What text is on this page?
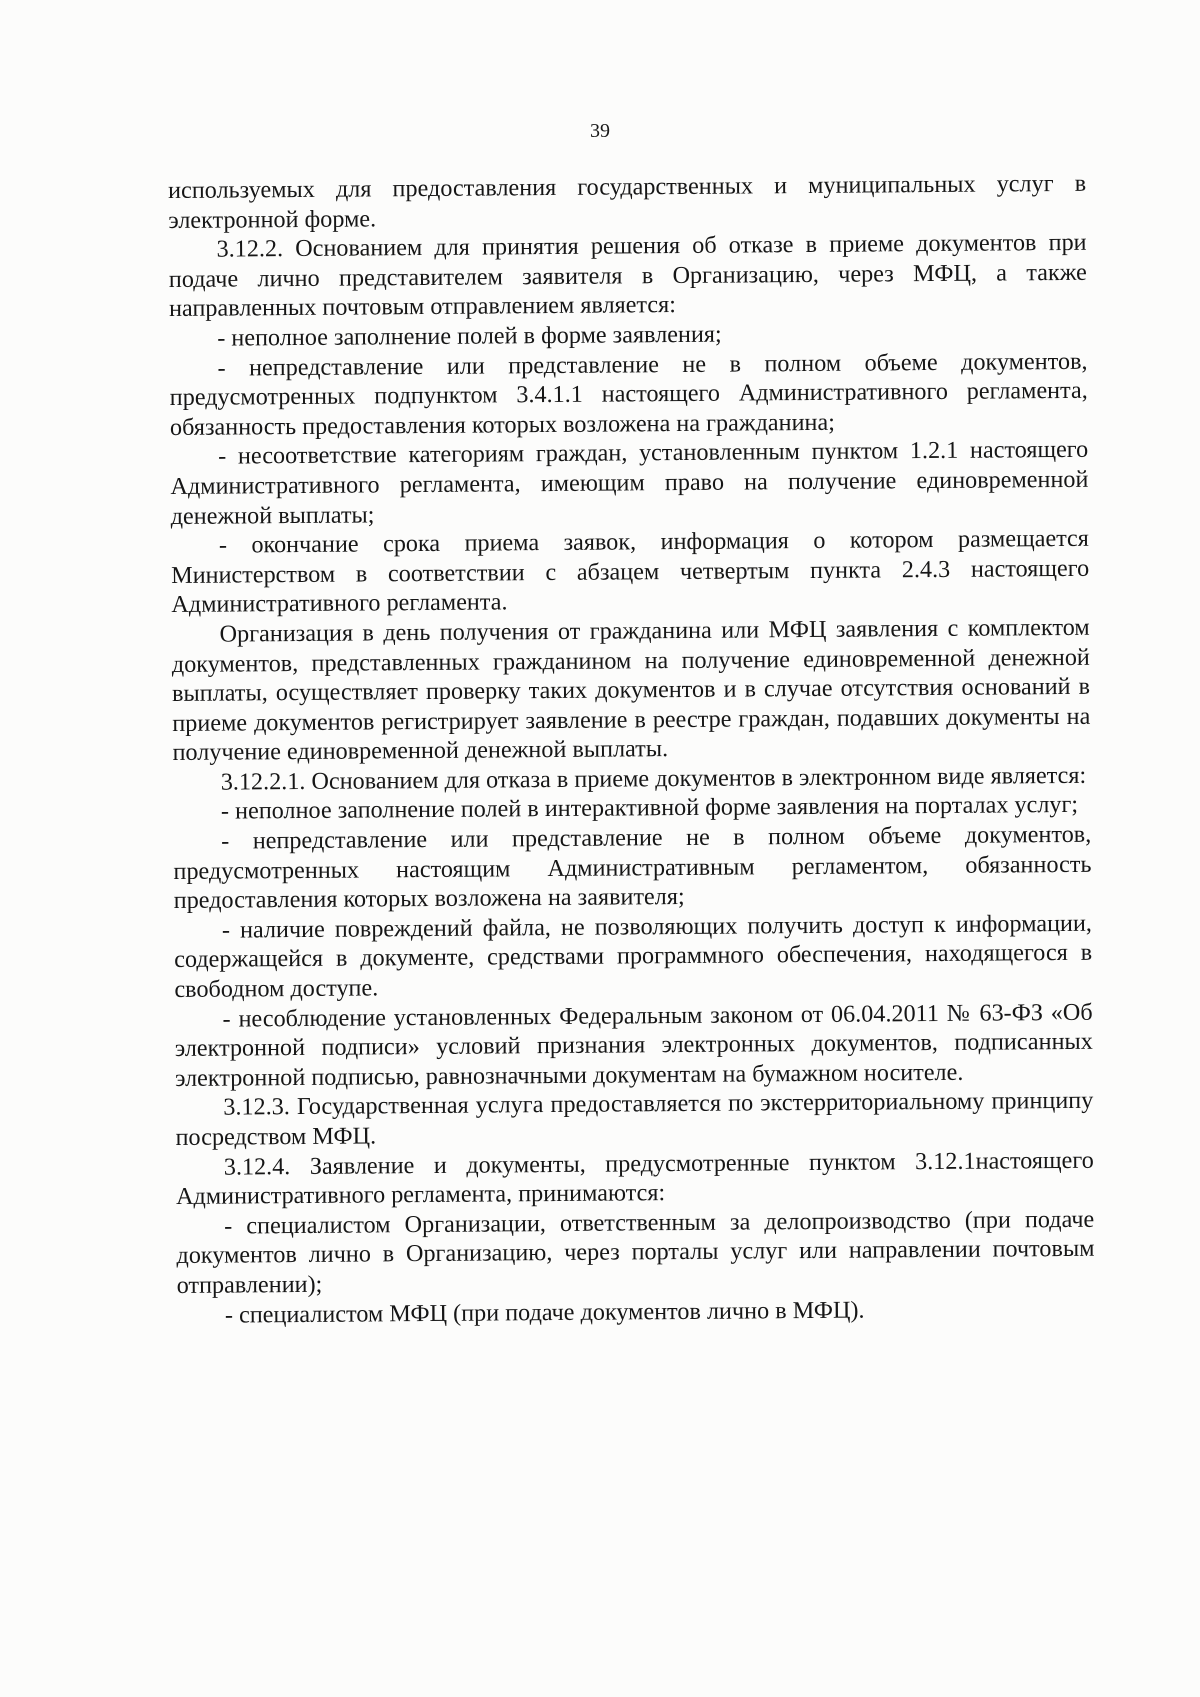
39

используемых для предоставления государственных и муниципальных услуг в электронной форме.

3.12.2. Основанием для принятия решения об отказе в приеме документов при подаче лично представителем заявителя в Организацию, через МФЦ, а также направленных почтовым отправлением является:

- неполное заполнение полей в форме заявления;

- непредставление или представление не в полном объеме документов, предусмотренных подпунктом 3.4.1.1 настоящего Административного регламента, обязанность предоставления которых возложена на гражданина;

- несоответствие категориям граждан, установленным пунктом 1.2.1 настоящего Административного регламента, имеющим право на получение единовременной денежной выплаты;

- окончание срока приема заявок, информация о котором размещается Министерством в соответствии с абзацем четвертым пункта 2.4.3 настоящего Административного регламента.

Организация в день получения от гражданина или МФЦ заявления с комплектом документов, представленных гражданином на получение единовременной денежной выплаты, осуществляет проверку таких документов и в случае отсутствия оснований в приеме документов регистрирует заявление в реестре граждан, подавших документы на получение единовременной денежной выплаты.

3.12.2.1. Основанием для отказа в приеме документов в электронном виде является:

- неполное заполнение полей в интерактивной форме заявления на порталах услуг;

- непредставление или представление не в полном объеме документов, предусмотренных настоящим Административным регламентом, обязанность предоставления которых возложена на заявителя;

- наличие повреждений файла, не позволяющих получить доступ к информации, содержащейся в документе, средствами программного обеспечения, находящегося в свободном доступе.

- несоблюдение установленных Федеральным законом от 06.04.2011 № 63-ФЗ «Об электронной подписи» условий признания электронных документов, подписанных электронной подписью, равнозначными документам на бумажном носителе.

3.12.3. Государственная услуга предоставляется по экстерриториальному принципу посредством МФЦ.

3.12.4. Заявление и документы, предусмотренные пунктом 3.12.1настоящего Административного регламента, принимаются:

- специалистом Организации, ответственным за делопроизводство (при подаче документов лично в Организацию, через порталы услуг или направлении почтовым отправлении);

- специалистом МФЦ (при подаче документов лично в МФЦ).
